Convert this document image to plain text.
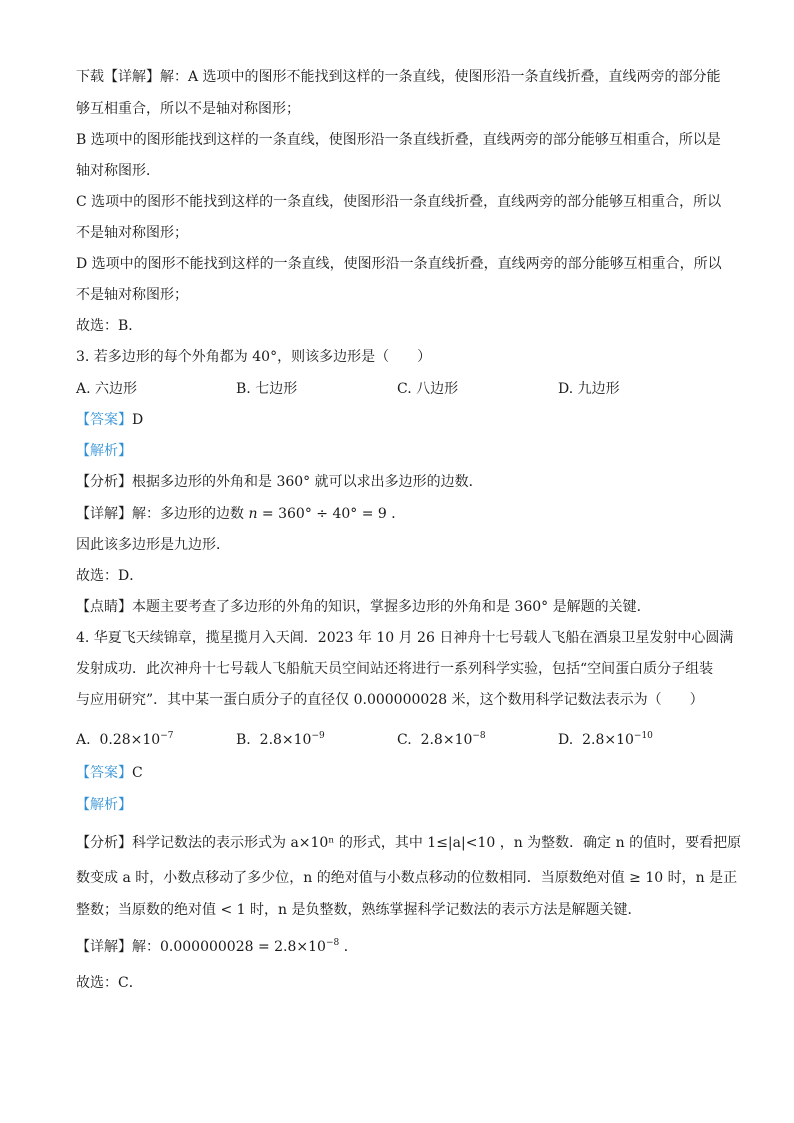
下载【详解】解：A 选项中的图形不能找到这样的一条直线，使图形沿一条直线折叠，直线两旁的部分能
够互相重合，所以不是轴对称图形；
B 选项中的图形能找到这样的一条直线，使图形沿一条直线折叠，直线两旁的部分能够互相重合，所以是
轴对称图形．
C 选项中的图形不能找到这样的一条直线，使图形沿一条直线折叠，直线两旁的部分能够互相重合，所以
不是轴对称图形；
D 选项中的图形不能找到这样的一条直线，使图形沿一条直线折叠，直线两旁的部分能够互相重合，所以
不是轴对称图形；
故选：B．
3. 若多边形的每个外角都为 40°，则该多边形是（　　）
A. 六边形	B. 七边形	C. 八边形	D. 九边形
【答案】D
【解析】
【分析】根据多边形的外角和是 360° 就可以求出多边形的边数．
【详解】解：多边形的边数 n = 360° ÷ 40° = 9 ．
因此该多边形是九边形．
故选：D．
【点睛】本题主要考查了多边形的外角的知识，掌握多边形的外角和是 360° 是解题的关键．
4. 华夏飞天续锦章，揽星揽月入天阊．2023 年 10 月 26 日神舟十七号载人飞船在酒泉卫星发射中心圆满
发射成功．此次神舟十七号载人飞船航天员空间站还将进行一系列科学实验，包括“空间蛋白质分子组装
与应用研究”．其中某一蛋白质分子的直径仅 0.000000028 米，这个数用科学记数法表示为（　　）
A. $0.28\times 10^{-7}$	B. $2.8\times 10^{-9}$	C. $2.8\times 10^{-8}$	D. $2.8\times 10^{-10}$
【答案】C
【解析】
【分析】科学记数法的表示形式为 a×10ⁿ 的形式，其中 1≤|a|<10 ，n 为整数．确定 n 的值时，要看把原
数变成 a 时，小数点移动了多少位，n 的绝对值与小数点移动的位数相同．当原数绝对值 ≥ 10 时，n 是正
整数；当原数的绝对值 < 1 时，n 是负整数，熟练掌握科学记数法的表示方法是解题关键．
【详解】解：$0.000000028 = 2.8\times 10^{-8}$ ．
故选：C．
